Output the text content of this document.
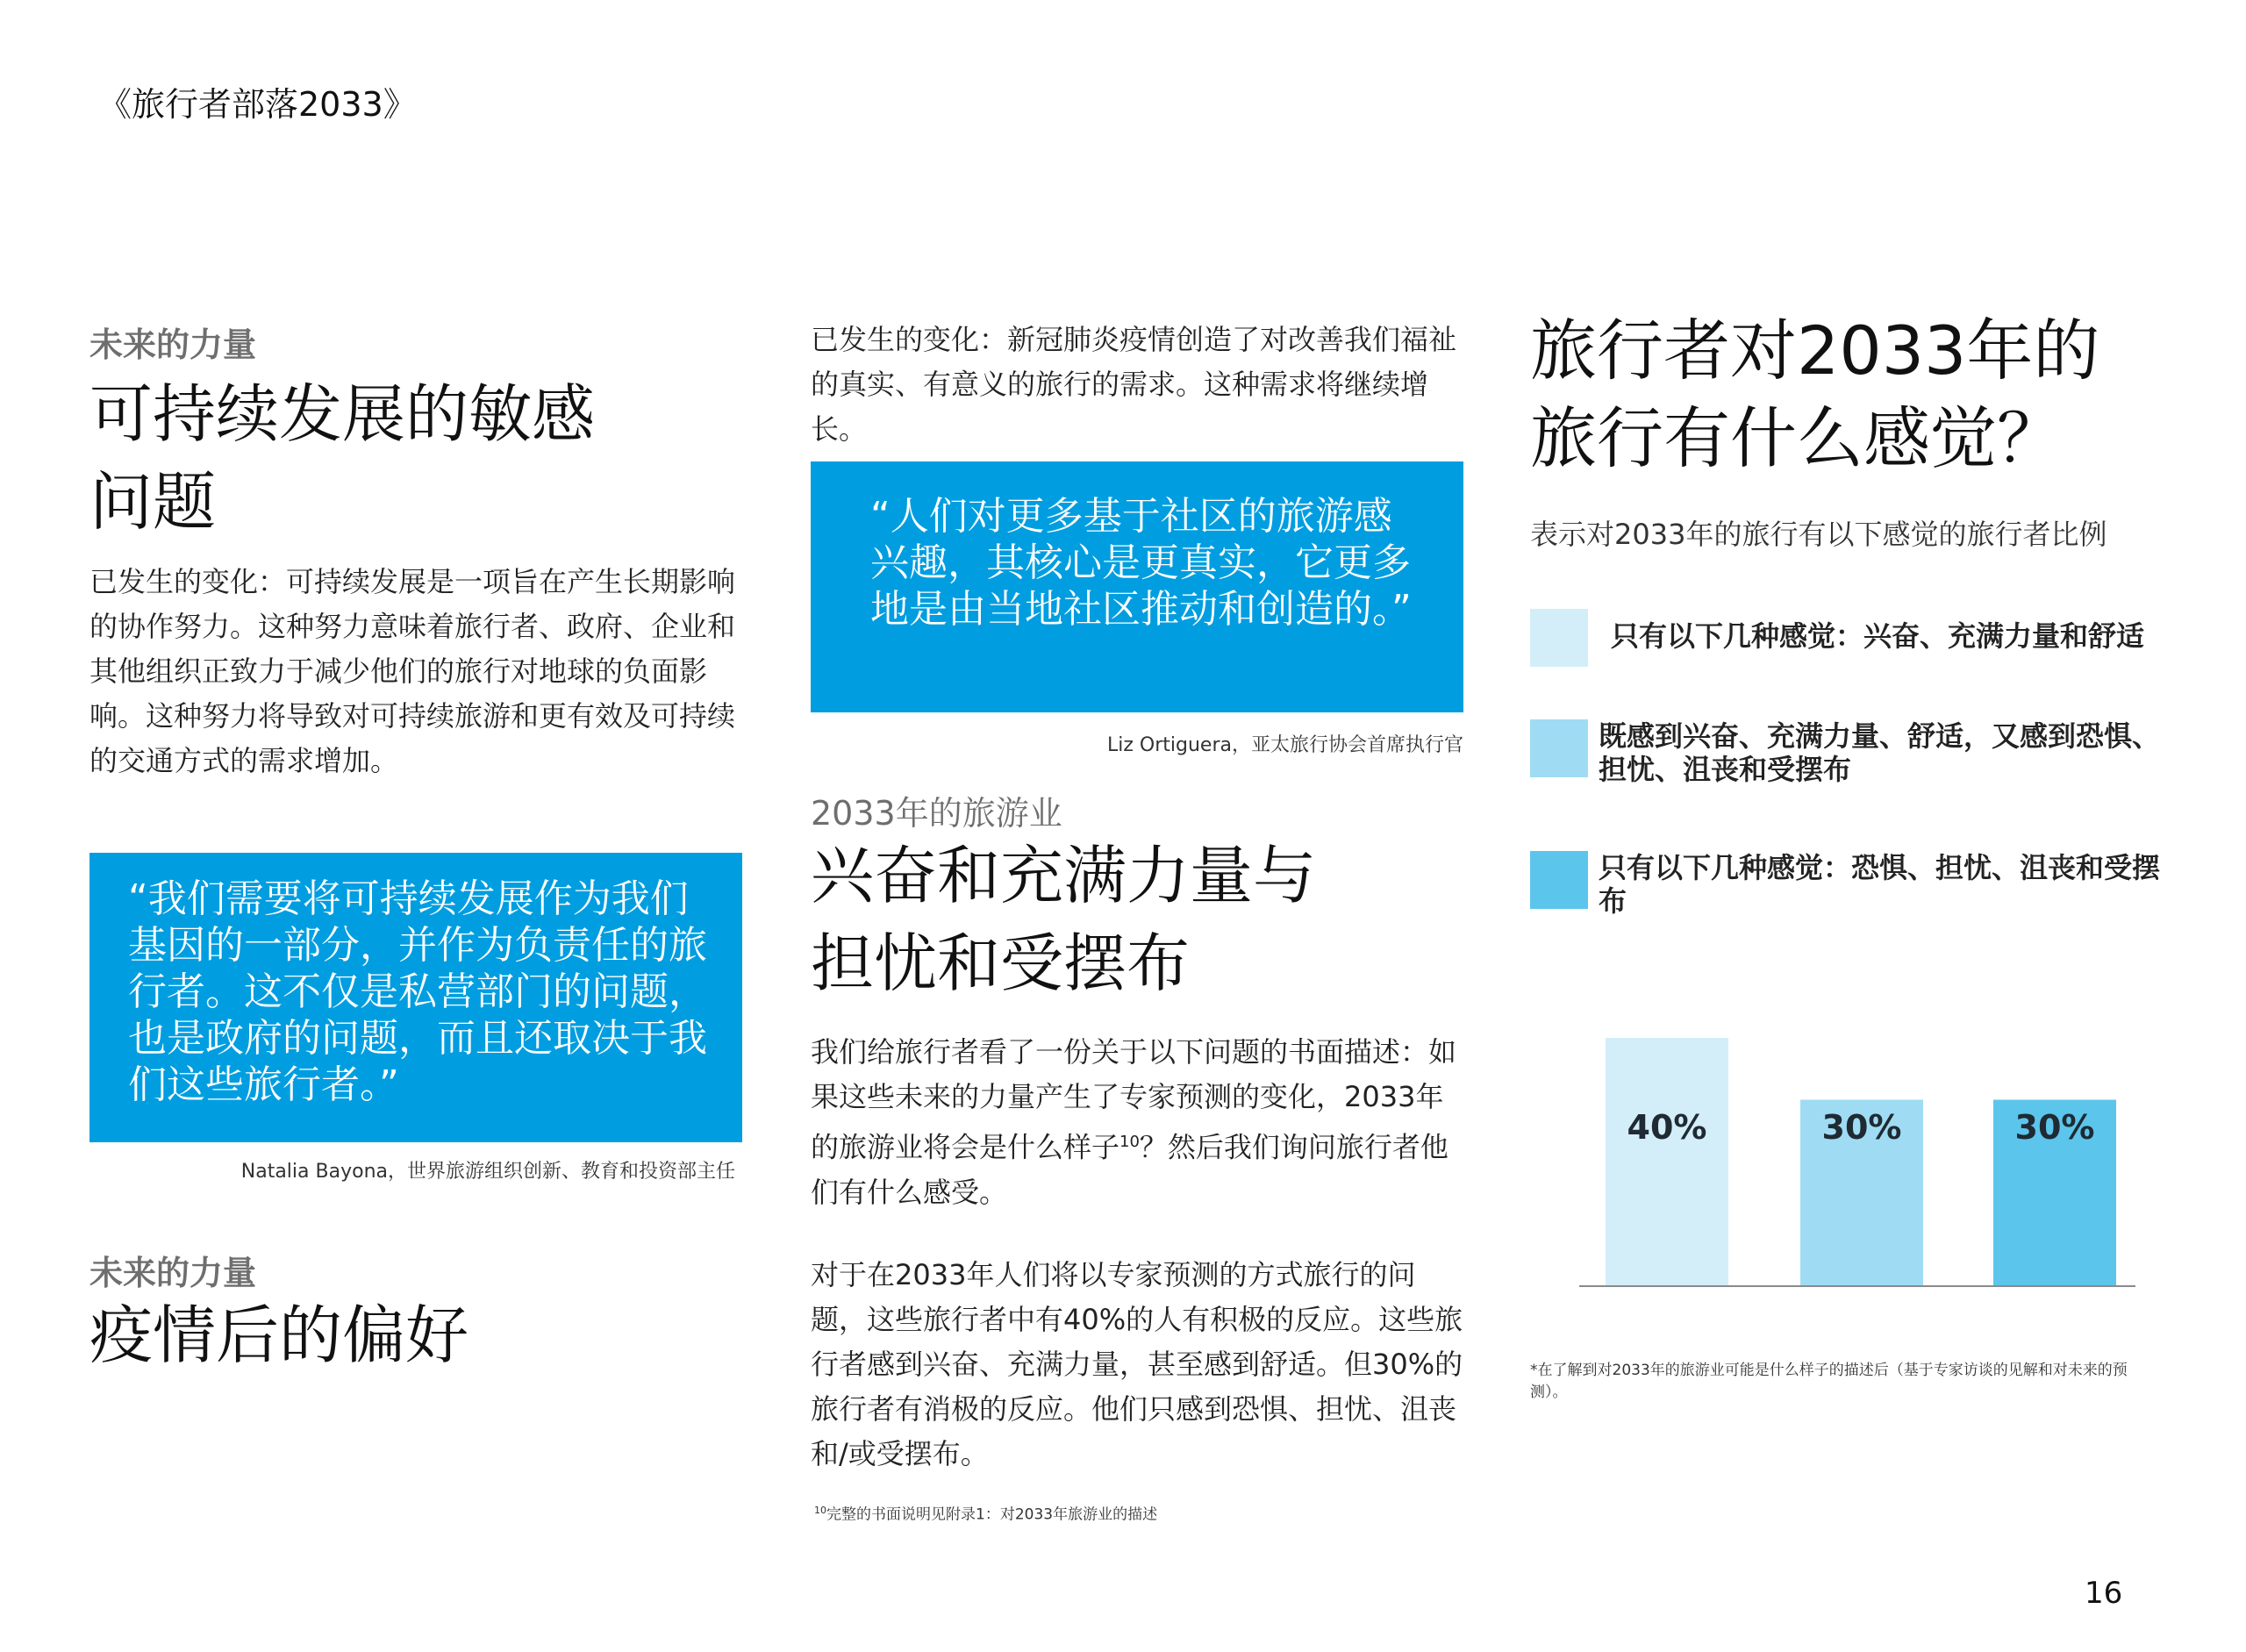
《旅行者部落2033》
未来的力量
可持续发展的敏感
问题

已发生的变化：可持续发展是一项旨在产生长期影响的协作努力。这种努力意味着旅行者、政府、企业和其他组织正致力于减少他们的旅行对地球的负面影响。这种努力将导致对可持续旅游和更有效及可持续的交通方式的需求增加。

“我们需要将可持续发展作为我们基因的一部分，并作为负责任的旅行者。这不仅是私营部门的问题，也是政府的问题，而且还取决于我们这些旅行者。”

Natalia Bayona，世界旅游组织创新、教育和投资部主任
未来的力量
疫情后的偏好

已发生的变化：新冠肺炎疫情创造了对改善我们福祉的真实、有意义的旅行的需求。这种需求将继续增长。

“人们对更多基于社区的旅游感兴趣，其核心是更真实，它更多地是由当地社区推动和创造的。”

Liz Ortiguera，亚太旅行协会首席执行官
2033年的旅游业
兴奋和充满力量与
担忧和受摆布

我们给旅行者看了一份关于以下问题的书面描述：如果这些未来的力量产生了专家预测的变化，2033年的旅游业将会是什么样子$^{10}$？然后我们询问旅行者他们有什么感受。

对于在2033年人们将以专家预测的方式旅行的问题，这些旅行者中有40%的人有积极的反应。这些旅行者感到兴奋、充满力量，甚至感到舒适。但30%的旅行者有消极的反应。他们只感到恐惧、担忧、沮丧和/或受摆布。

$^{10}$完整的书面说明见附录1：对2033年旅游业的描述
旅行者对2033年的
旅行有什么感觉？
表示对2033年的旅行有以下感觉的旅行者比例
只有以下几种感觉：兴奋、充满力量和舒适
既感到兴奋、充满力量、舒适，又感到恐惧、担忧、沮丧和受摆布
只有以下几种感觉：恐惧、担忧、沮丧和受摆布
40%	30%	30%
*在了解到对2033年的旅游业可能是什么样子的描述后（基于专家访谈的见解和对未来的预测）。
16
